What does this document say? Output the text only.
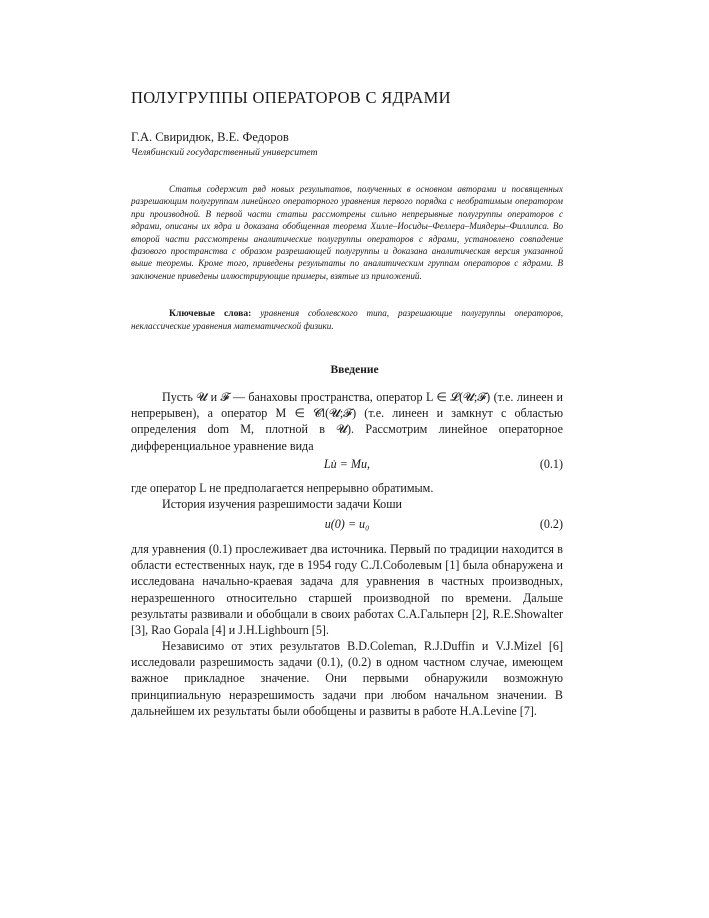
ПОЛУГРУППЫ ОПЕРАТОРОВ С ЯДРАМИ
Г.А. Свиридюк, В.Е. Федоров
Челябинский государственный университет

Статья содержит ряд новых результатов, полученных в основном авторами и посвященных разрешающим полугруппам линейного операторного уравнения первого порядка с необратимым оператором при производной. В первой части статьи рассмотрены сильно непрерывные полугруппы операторов с ядрами, описаны их ядра и доказана обобщенная теорема Хилле–Иосиды–Феллера–Миядеры–Филлипса. Во второй части рассмотрены аналитические полугруппы операторов с ядрами, установлено совпадение фазового пространства с образом разрешающей полугруппы и доказана аналитическая версия указанной выше теоремы. Кроме того, приведены результаты по аналитическим группам операторов с ядрами. В заключение приведены иллюстрирующие примеры, взятые из приложений.

Ключевые слова: уравнения соболевского типа, разрешающие полугруппы операторов, неклассические уравнения математической физики.

Введение

Пусть 𝓤 и 𝓕 — банаховы пространства, оператор L ∈ 𝓛(𝓤;𝓕) (т.е. линеен и непрерывен), а оператор M ∈ 𝓒l(𝓤;𝓕) (т.е. линеен и замкнут с областью определения dom M, плотной в 𝓤). Рассмотрим линейное операторное дифференциальное уравнение вида

Lu̇ = Mu,	(0.1)

где оператор L не предполагается непрерывно обратимым.

История изучения разрешимости задачи Коши

u(0) = u₀	(0.2)

для уравнения (0.1) прослеживает два источника. Первый по традиции находится в области естественных наук, где в 1954 году С.Л.Соболевым [1] была обнаружена и исследована начально-краевая задача для уравнения в частных производных, неразрешенного относительно старшей производной по времени. Дальше результаты развивали и обобщали в своих работах С.А.Гальперн [2], R.E.Showalter [3], Rao Gopala [4] и J.H.Lighbourn [5].

Независимо от этих результатов B.D.Coleman, R.J.Duffin и V.J.Mizel [6] исследовали разрешимость задачи (0.1), (0.2) в одном частном случае, имеющем важное прикладное значение. Они первыми обнаружили возможную принципиальную неразрешимость задачи при любом начальном значении. В дальнейшем их результаты были обобщены и развиты в работе H.A.Levine [7].
